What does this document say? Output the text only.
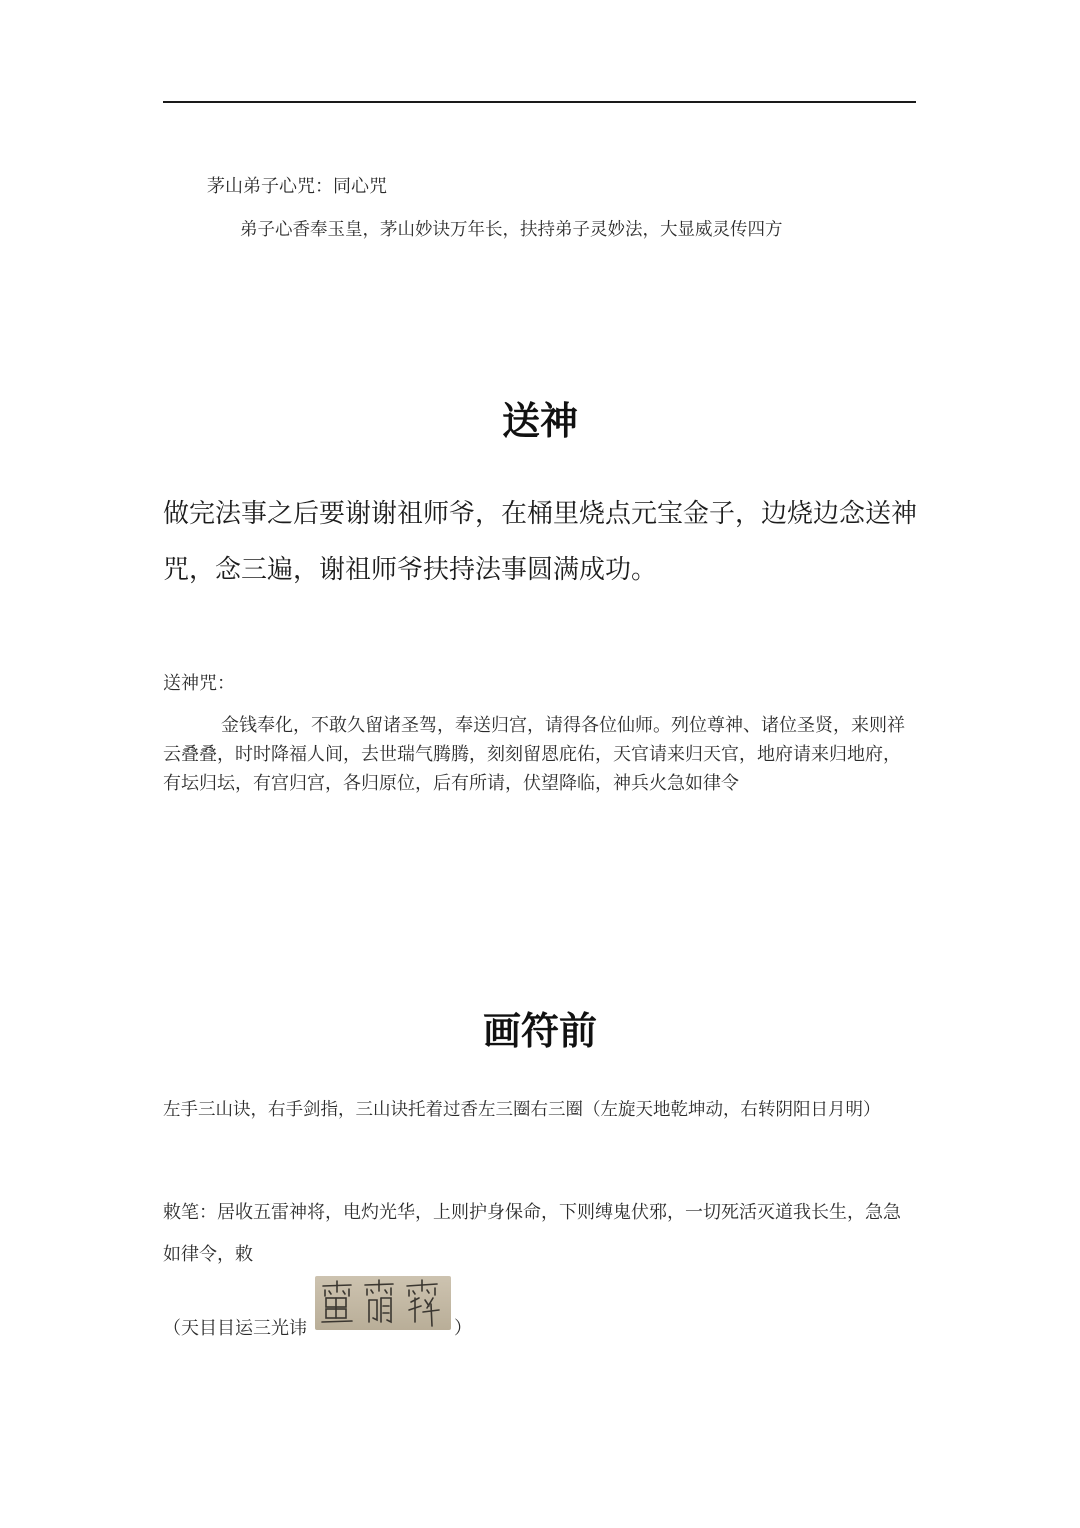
茅山弟子心咒：同心咒
弟子心香奉玉皇，茅山妙诀万年长，扶持弟子灵妙法，大显威灵传四方
送神
做完法事之后要谢谢祖师爷，在桶里烧点元宝金子，边烧边念送神咒，念三遍，谢祖师爷扶持法事圆满成功。
送神咒：
金钱奉化，不敢久留诸圣驾，奉送归宫，请得各位仙师。列位尊神、诸位圣贤，来则祥云叠叠，时时降福人间，去世瑞气腾腾，刻刻留恩庇佑，天官请来归天官，地府请来归地府，有坛归坛，有宫归宫，各归原位，后有所请，伏望降临，神兵火急如律令
画符前
左手三山诀，右手剑指，三山诀托着过香左三圈右三圈（左旋天地乾坤动，右转阴阳日月明）
敕笔：居收五雷神将，电灼光华，上则护身保命，下则缚鬼伏邪，一切死活灭道我长生，急急如律令，敕
（天目目运三光讳	）
